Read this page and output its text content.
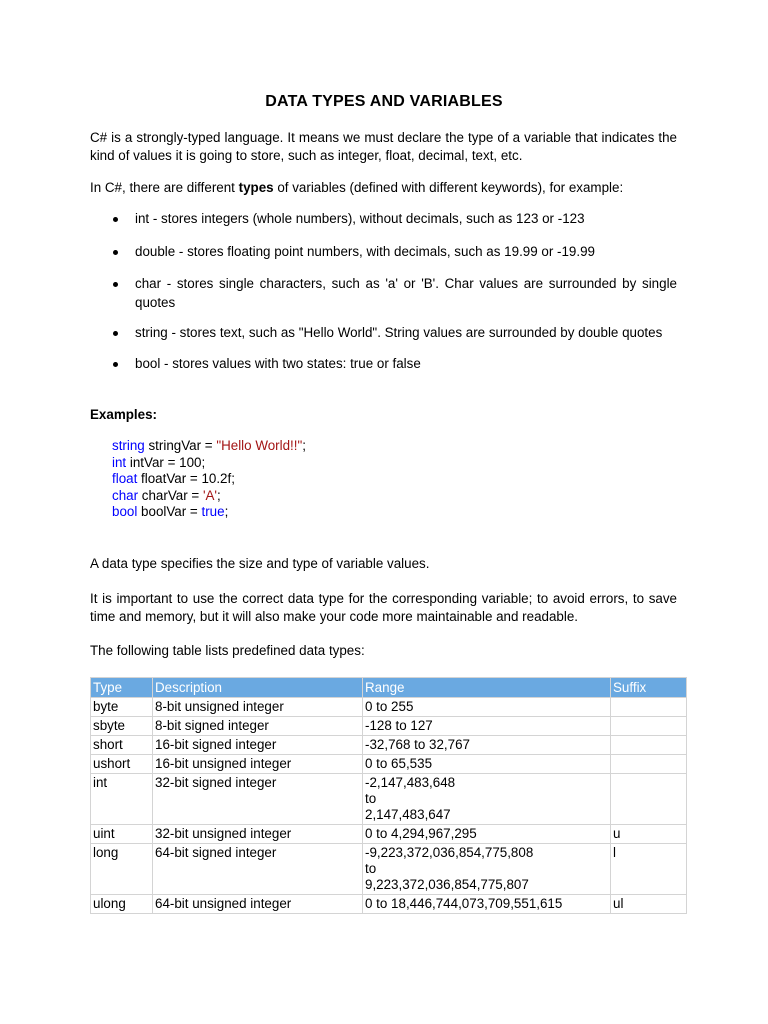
DATA TYPES AND VARIABLES

C# is a strongly-typed language. It means we must declare the type of a variable that indicates the kind of values it is going to store, such as integer, float, decimal, text, etc.

In C#, there are different types of variables (defined with different keywords), for example:

int - stores integers (whole numbers), without decimals, such as 123 or -123
double - stores floating point numbers, with decimals, such as 19.99 or -19.99
char - stores single characters, such as 'a' or 'B'. Char values are surrounded by single quotes
string - stores text, such as "Hello World". String values are surrounded by double quotes
bool - stores values with two states: true or false

Examples:

string stringVar = "Hello World!!";
int intVar = 100;
float floatVar = 10.2f;
char charVar = 'A';
bool boolVar = true;

A data type specifies the size and type of variable values.

It is important to use the correct data type for the corresponding variable; to avoid errors, to save time and memory, but it will also make your code more maintainable and readable.

The following table lists predefined data types:

Type	Description	Range	Suffix
byte	8-bit unsigned integer	0 to 255	

sbyte	8-bit signed integer	-128 to 127	

short	16-bit signed integer	-32,768 to 32,767	

ushort	16-bit unsigned integer	0 to 65,535	

int	32-bit signed integer	-2,147,483,648
to
2,147,483,647	

uint	32-bit unsigned integer	0 to 4,294,967,295	u
long	64-bit signed integer	-9,223,372,036,854,775,808
to
9,223,372,036,854,775,807	l
ulong	64-bit unsigned integer	0 to 18,446,744,073,709,551,615	ul
